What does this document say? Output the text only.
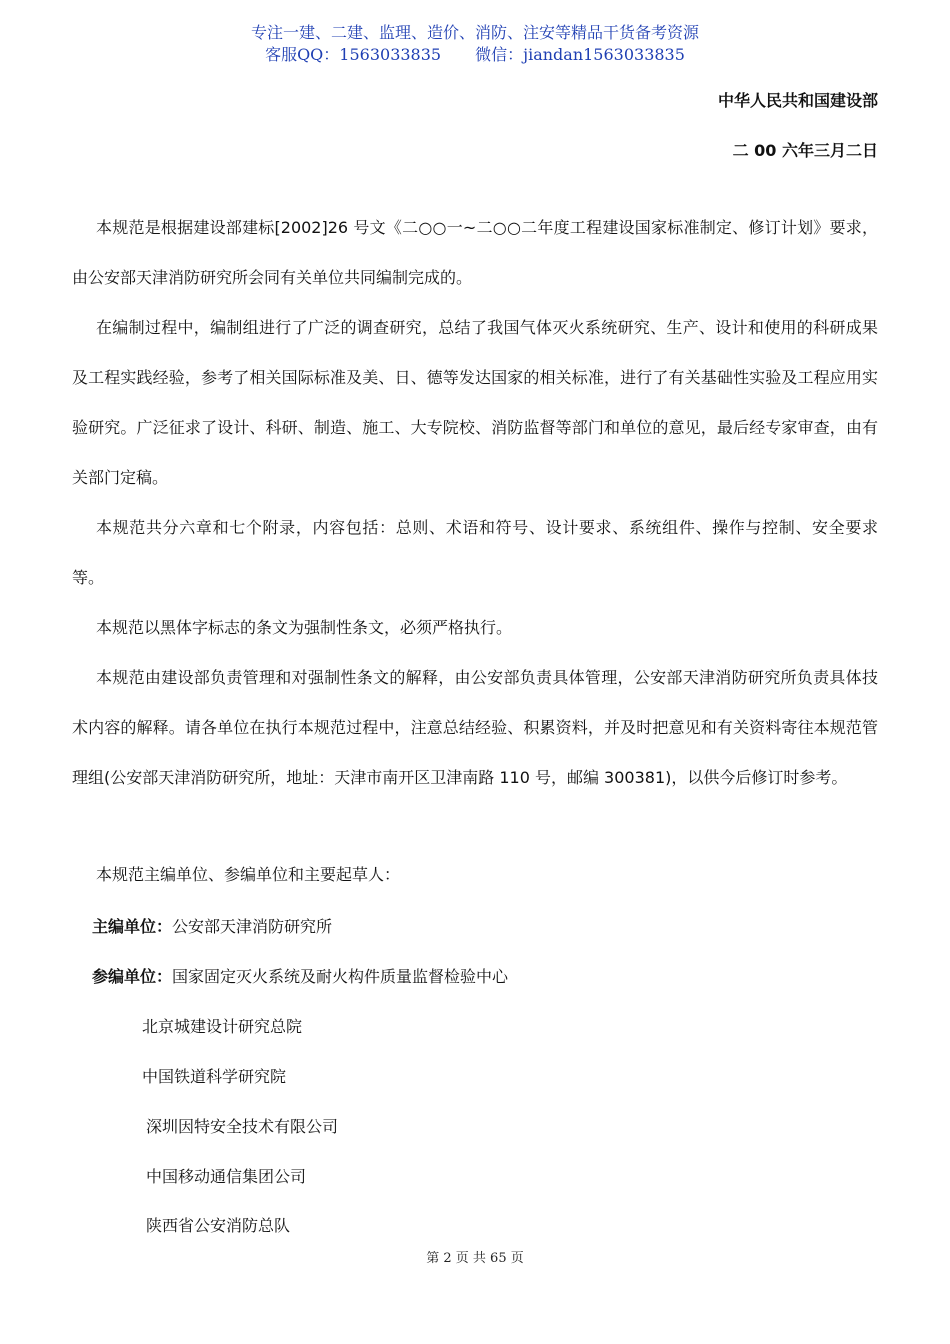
专注一建、二建、监理、造价、消防、注安等精品干货备考资源
客服QQ：1563033835 微信：jiandan1563033835
中华人民共和国建设部
二 00 六年三月二日

本规范是根据建设部建标[2002]26 号文《二○○一~二○○二年度工程建设国家标准制定、修订计划》要求，由公安部天津消防研究所会同有关单位共同编制完成的。

在编制过程中，编制组进行了广泛的调查研究，总结了我国气体灭火系统研究、生产、设计和使用的科研成果及工程实践经验，参考了相关国际标准及美、日、德等发达国家的相关标准，进行了有关基础性实验及工程应用实验研究。广泛征求了设计、科研、制造、施工、大专院校、消防监督等部门和单位的意见，最后经专家审查，由有关部门定稿。

本规范共分六章和七个附录，内容包括：总则、术语和符号、设计要求、系统组件、操作与控制、安全要求等。

本规范以黑体字标志的条文为强制性条文，必须严格执行。

本规范由建设部负责管理和对强制性条文的解释，由公安部负责具体管理，公安部天津消防研究所负责具体技术内容的解释。请各单位在执行本规范过程中，注意总结经验、积累资料，并及时把意见和有关资料寄往本规范管理组(公安部天津消防研究所，地址：天津市南开区卫津南路 110 号，邮编 300381)，以供今后修订时参考。

本规范主编单位、参编单位和主要起草人：

主编单位：公安部天津消防研究所
参编单位：国家固定灭火系统及耐火构件质量监督检验中心
北京城建设计研究总院
中国铁道科学研究院
深圳因特安全技术有限公司
中国移动通信集团公司
陕西省公安消防总队
第 2 页 共 65 页
